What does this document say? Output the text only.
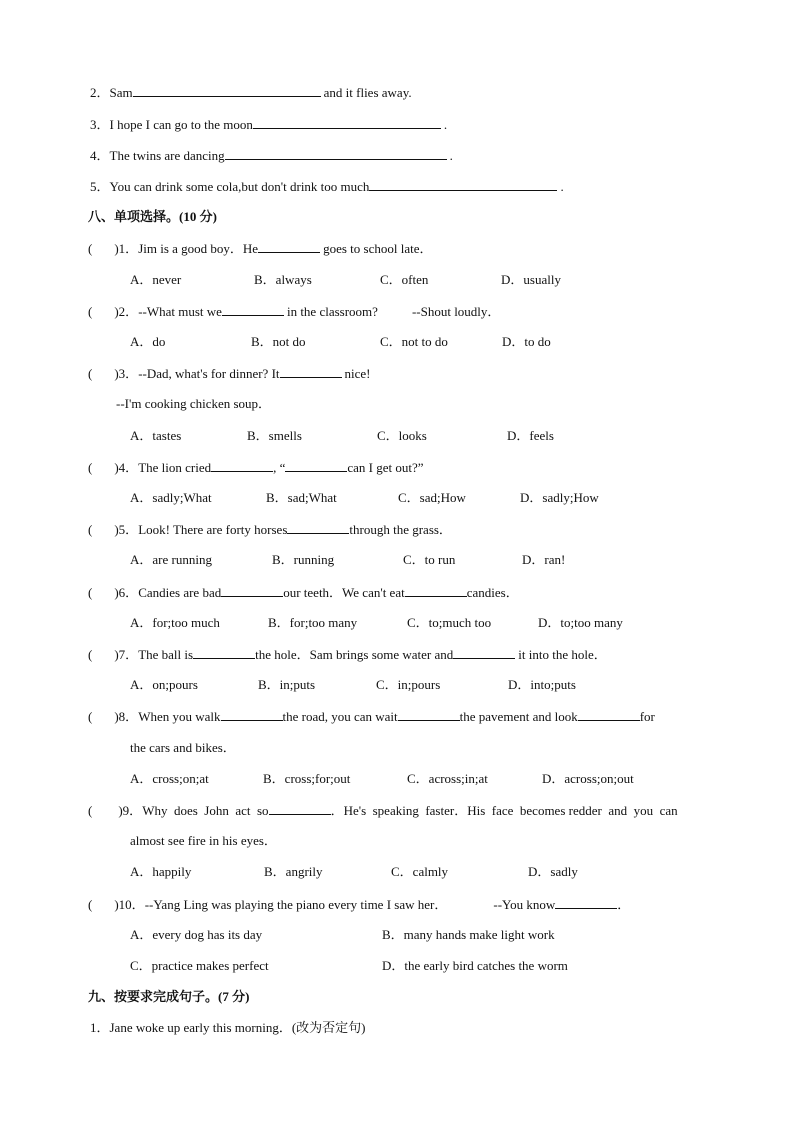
2．Sam	and it flies away.
3．I hope I can go to the moon	.
4．The twins are dancing	.
5．You can drink some cola,but don't drink too much	.
八、单项选择。(10 分)
( )1．Jim is a good boy．He	goes to school late．
A．never	B．always	C．often	D．usually
( )2．--What must we	in the classroom?	--Shout loudly．
A．do	B．not do	C．not to do	D．to do
( )3．--Dad, what's for dinner? It	nice!
--I'm cooking chicken soup．
A．tastes	B．smells	C．looks	D．feels
( )4．The lion cried	, “	can I get out?”
A．sadly;What	B．sad;What	C．sad;How	D．sadly;How
( )5．Look! There are forty horses	through the grass．
A．are running	B．running	C．to run	D．ran!
( )6．Candies are bad	our teeth．We can't eat	candies．
A．for;too much	B．for;too many	C．to;much too	D．to;too many
( )7．The ball is	the hole．Sam brings some water and	it into the hole．
A．on;pours	B．in;puts	C．in;pours	D．into;puts
( )8．When you walk	the road, you can wait	the pavement and look	for
the cars and bikes．
A．cross;on;at	B．cross;for;out	C．across;in;at	D．across;on;out
( )9．Why  does  John  act  so	．He's  speaking  faster．His  face  becomes redder  and  you  can
almost see fire in his eyes．
A．happily	B．angrily	C．calmly	D．sadly
( )10．--Yang Ling was playing the piano every time I saw her．	--You know	．
A．every dog has its day	B．many hands make light work
C．practice makes perfect	D．the early bird catches the worm
九、按要求完成句子。(7 分)
1．Jane woke up early this morning．(改为否定句)
